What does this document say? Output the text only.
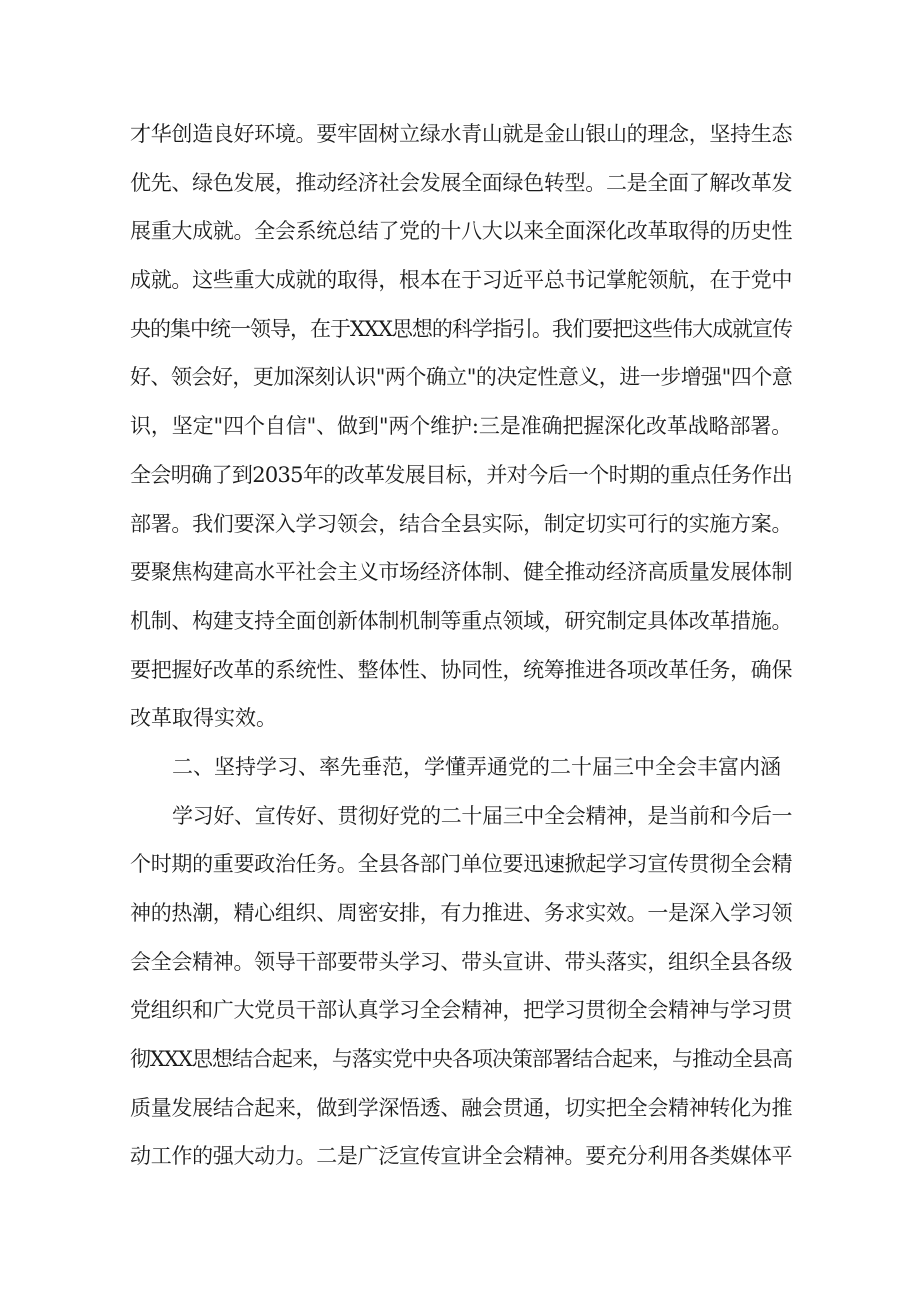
才华创造良好环境。要牢固树立绿水青山就是金山银山的理念，坚持生态
优先、绿色发展，推动经济社会发展全面绿色转型。二是全面了解改革发
展重大成就。全会系统总结了党的十八大以来全面深化改革取得的历史性
成就。这些重大成就的取得，根本在于习近平总书记掌舵领航，在于党中
央的集中统一领导，在于XXX思想的科学指引。我们要把这些伟大成就宣传
好、领会好，更加深刻认识"两个确立"的决定性意义，进一步增强"四个意
识，坚定"四个自信"、做到"两个维护:三是准确把握深化改革战略部署。
全会明确了到2035年的改革发展目标，并对今后一个时期的重点任务作出
部署。我们要深入学习领会，结合全县实际，制定切实可行的实施方案。
要聚焦构建高水平社会主义市场经济体制、健全推动经济高质量发展体制
机制、构建支持全面创新体制机制等重点领域，研究制定具体改革措施。
要把握好改革的系统性、整体性、协同性，统筹推进各项改革任务，确保
改革取得实效。
二、坚持学习、率先垂范，学懂弄通党的二十届三中全会丰富内涵
学习好、宣传好、贯彻好党的二十届三中全会精神，是当前和今后一
个时期的重要政治任务。全县各部门单位要迅速掀起学习宣传贯彻全会精
神的热潮，精心组织、周密安排，有力推进、务求实效。一是深入学习领
会全会精神。领导干部要带头学习、带头宣讲、带头落实，组织全县各级
党组织和广大党员干部认真学习全会精神，把学习贯彻全会精神与学习贯
彻XXX思想结合起来，与落实党中央各项决策部署结合起来，与推动全县高
质量发展结合起来，做到学深悟透、融会贯通，切实把全会精神转化为推
动工作的强大动力。二是广泛宣传宣讲全会精神。要充分利用各类媒体平
